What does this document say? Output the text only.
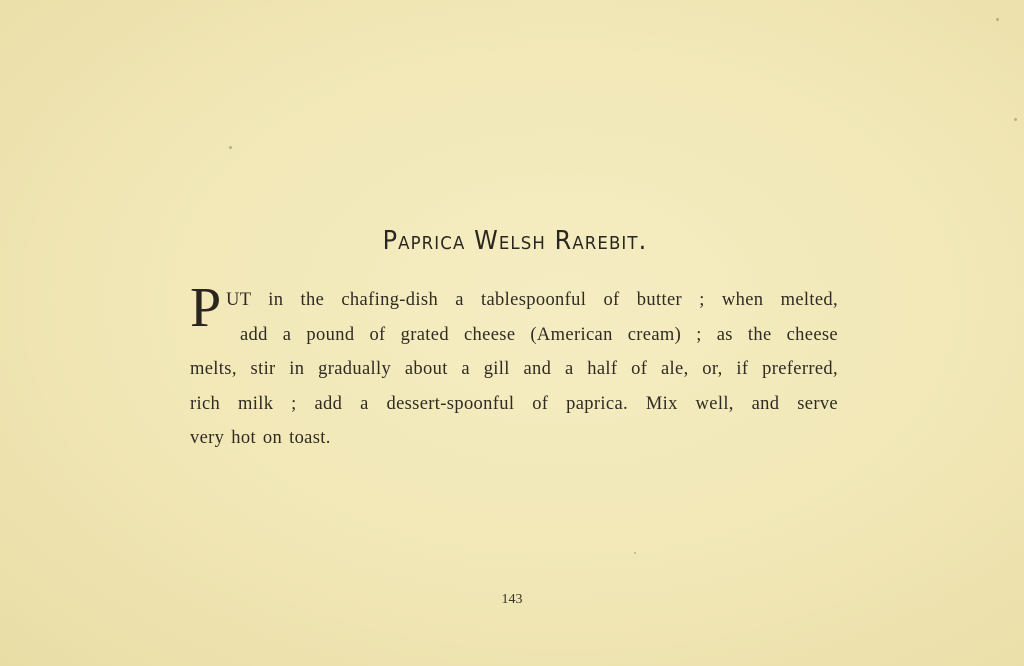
Paprica Welsh Rarebit.
P UT in the chafing-dish a tablespoonful of butter ; when melted,
add a pound of grated cheese (American cream) ; as the cheese
melts, stir in gradually about a gill and a half of ale, or, if preferred,
rich milk ; add a dessert-spoonful of paprica. Mix well, and serve
very hot on toast.
143
